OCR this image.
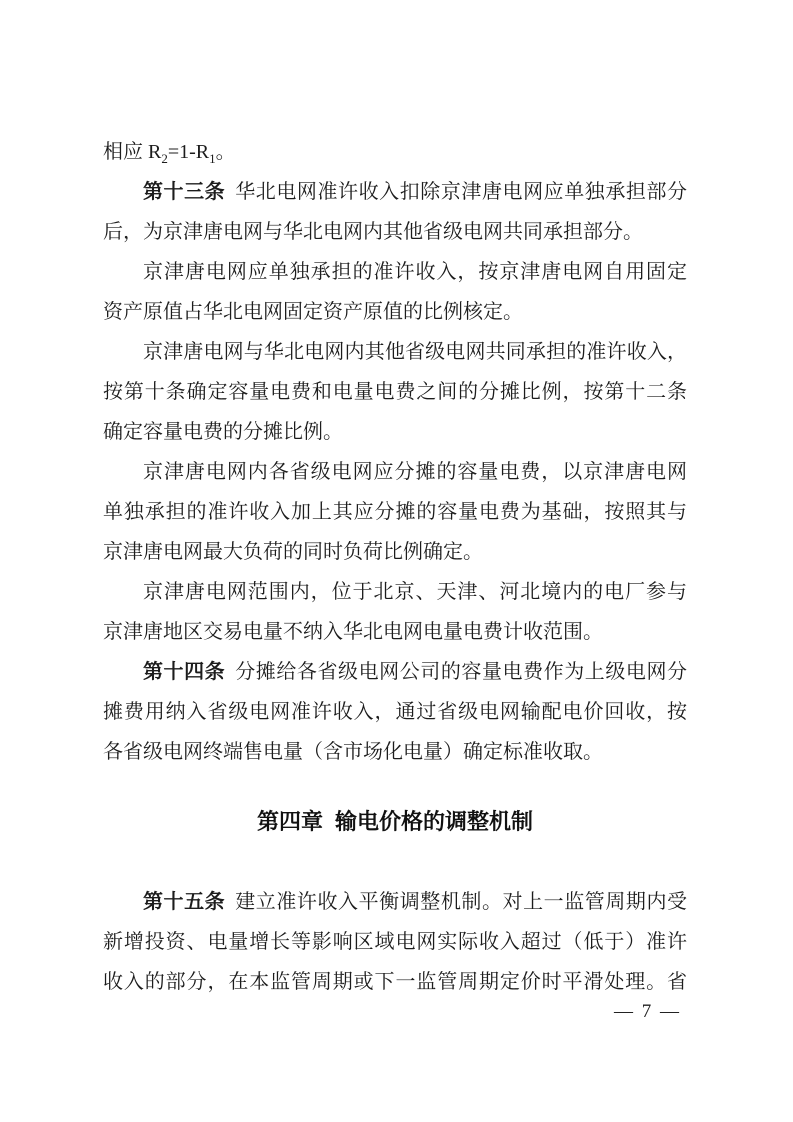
相应 $R_2=1-R_1$。
第十三条 华北电网准许收入扣除京津唐电网应单独承担部分
后，为京津唐电网与华北电网内其他省级电网共同承担部分。
京津唐电网应单独承担的准许收入，按京津唐电网自用固定
资产原值占华北电网固定资产原值的比例核定。
京津唐电网与华北电网内其他省级电网共同承担的准许收入，
按第十条确定容量电费和电量电费之间的分摊比例，按第十二条
确定容量电费的分摊比例。
京津唐电网内各省级电网应分摊的容量电费，以京津唐电网
单独承担的准许收入加上其应分摊的容量电费为基础，按照其与
京津唐电网最大负荷的同时负荷比例确定。
京津唐电网范围内，位于北京、天津、河北境内的电厂参与
京津唐地区交易电量不纳入华北电网电量电费计收范围。
第十四条 分摊给各省级电网公司的容量电费作为上级电网分
摊费用纳入省级电网准许收入，通过省级电网输配电价回收，按
各省级电网终端售电量（含市场化电量）确定标准收取。
第四章 输电价格的调整机制
第十五条 建立准许收入平衡调整机制。对上一监管周期内受
新增投资、电量增长等影响区域电网实际收入超过（低于）准许
收入的部分，在本监管周期或下一监管周期定价时平滑处理。省
— 7 —
